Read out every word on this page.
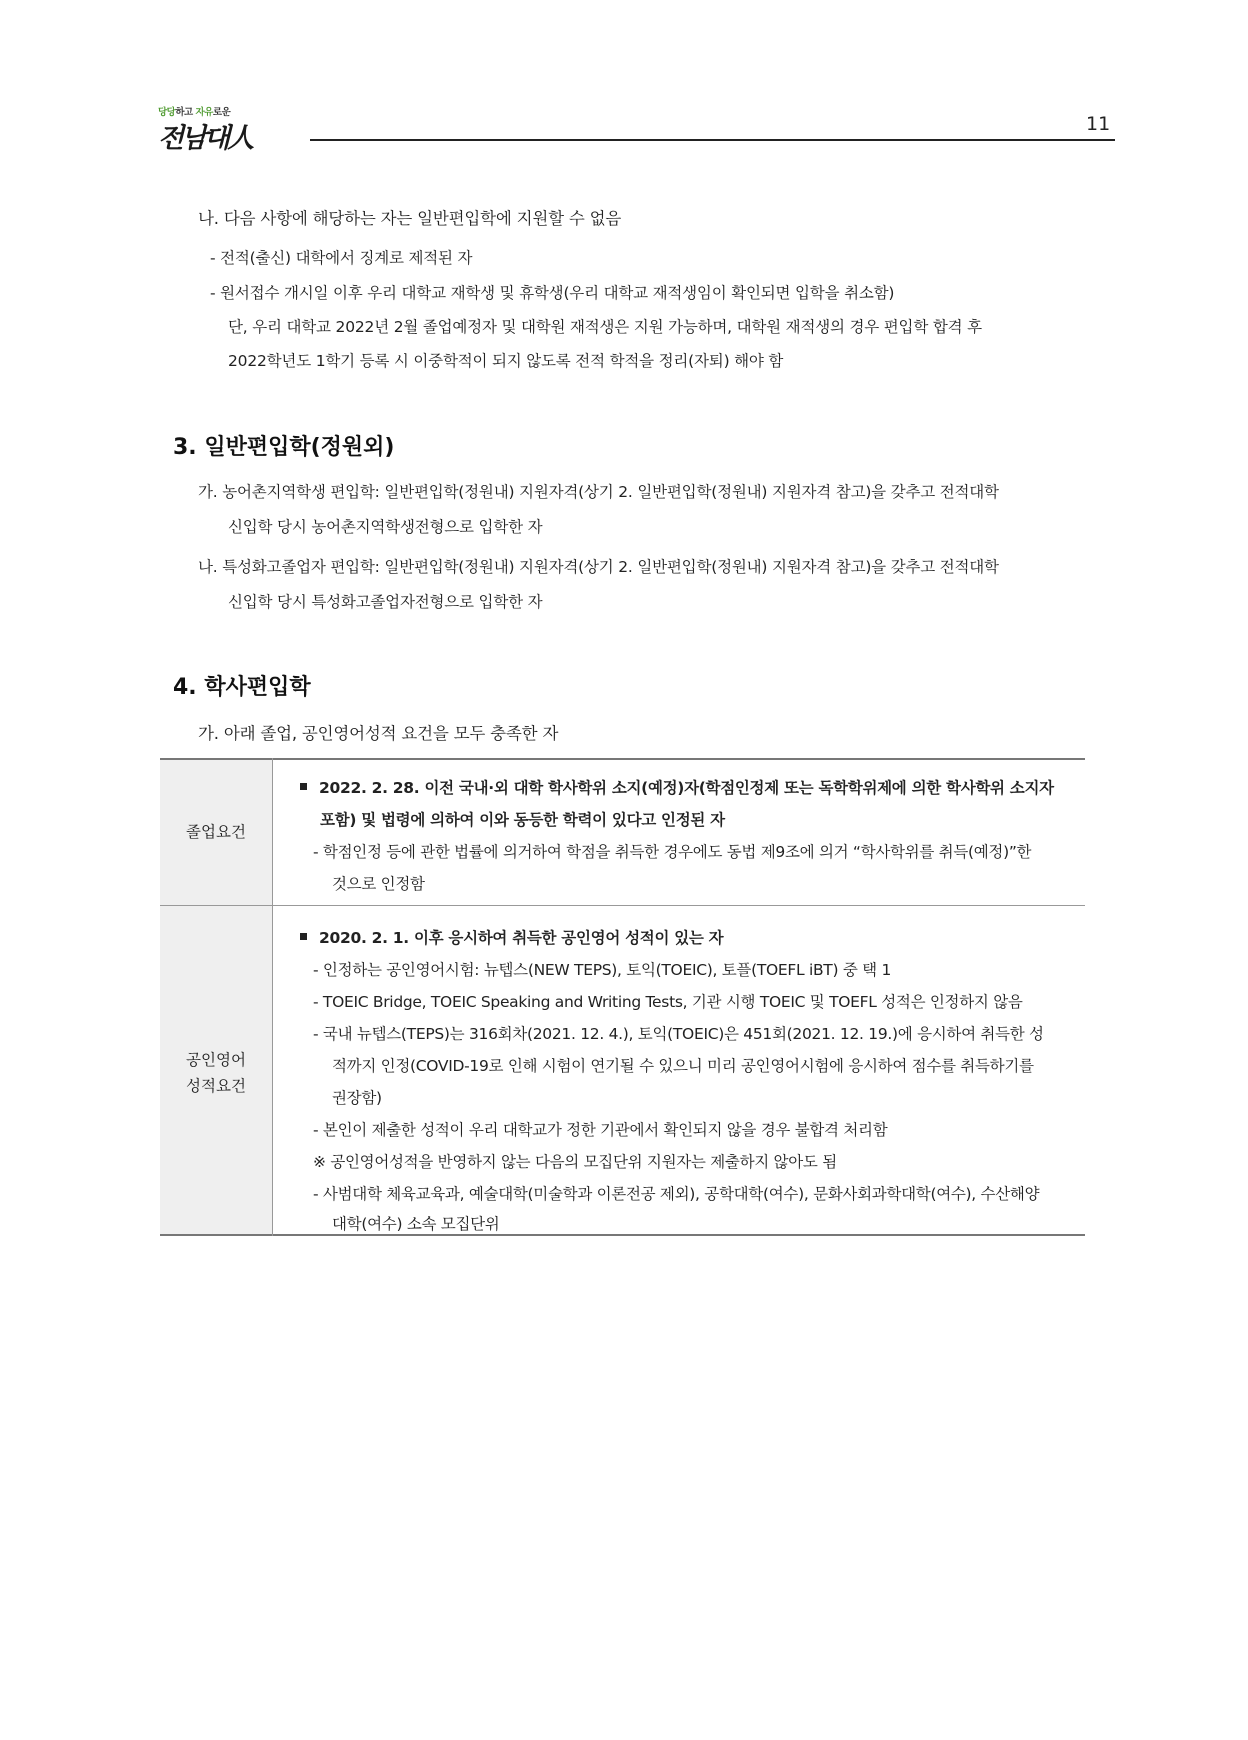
당당하고 자유로운
전남대人	11
나. 다음 사항에 해당하는 자는 일반편입학에 지원할 수 없음
- 전적(출신) 대학에서 징계로 제적된 자
- 원서접수 개시일 이후 우리 대학교 재학생 및 휴학생(우리 대학교 재적생임이 확인되면 입학을 취소함)
단, 우리 대학교 2022년 2월 졸업예정자 및 대학원 재적생은 지원 가능하며, 대학원 재적생의 경우 편입학 합격 후
2022학년도 1학기 등록 시 이중학적이 되지 않도록 전적 학적을 정리(자퇴) 해야 함
3. 일반편입학(정원외)
가. 농어촌지역학생 편입학: 일반편입학(정원내) 지원자격(상기 2. 일반편입학(정원내) 지원자격 참고)을 갖추고 전적대학
신입학 당시 농어촌지역학생전형으로 입학한 자
나. 특성화고졸업자 편입학: 일반편입학(정원내) 지원자격(상기 2. 일반편입학(정원내) 지원자격 참고)을 갖추고 전적대학
신입학 당시 특성화고졸업자전형으로 입학한 자
4. 학사편입학
가. 아래 졸업, 공인영어성적 요건을 모두 충족한 자
졸업요건
2022. 2. 28. 이전 국내·외 대학 학사학위 소지(예정)자(학점인정제 또는 독학학위제에 의한 학사학위 소지자
포함) 및 법령에 의하여 이와 동등한 학력이 있다고 인정된 자
- 학점인정 등에 관한 법률에 의거하여 학점을 취득한 경우에도 동법 제9조에 의거 “학사학위를 취득(예정)”한
것으로 인정함
공인영어
성적요건
2020. 2. 1. 이후 응시하여 취득한 공인영어 성적이 있는 자
- 인정하는 공인영어시험: 뉴텝스(NEW TEPS), 토익(TOEIC), 토플(TOEFL iBT) 중 택 1
- TOEIC Bridge, TOEIC Speaking and Writing Tests, 기관 시행 TOEIC 및 TOEFL 성적은 인정하지 않음
- 국내 뉴텝스(TEPS)는 316회차(2021. 12. 4.), 토익(TOEIC)은 451회(2021. 12. 19.)에 응시하여 취득한 성
적까지 인정(COVID-19로 인해 시험이 연기될 수 있으니 미리 공인영어시험에 응시하여 점수를 취득하기를
권장함)
- 본인이 제출한 성적이 우리 대학교가 정한 기관에서 확인되지 않을 경우 불합격 처리함
※ 공인영어성적을 반영하지 않는 다음의 모집단위 지원자는 제출하지 않아도 됨
- 사범대학 체육교육과, 예술대학(미술학과 이론전공 제외), 공학대학(여수), 문화사회과학대학(여수), 수산해양
대학(여수) 소속 모집단위
